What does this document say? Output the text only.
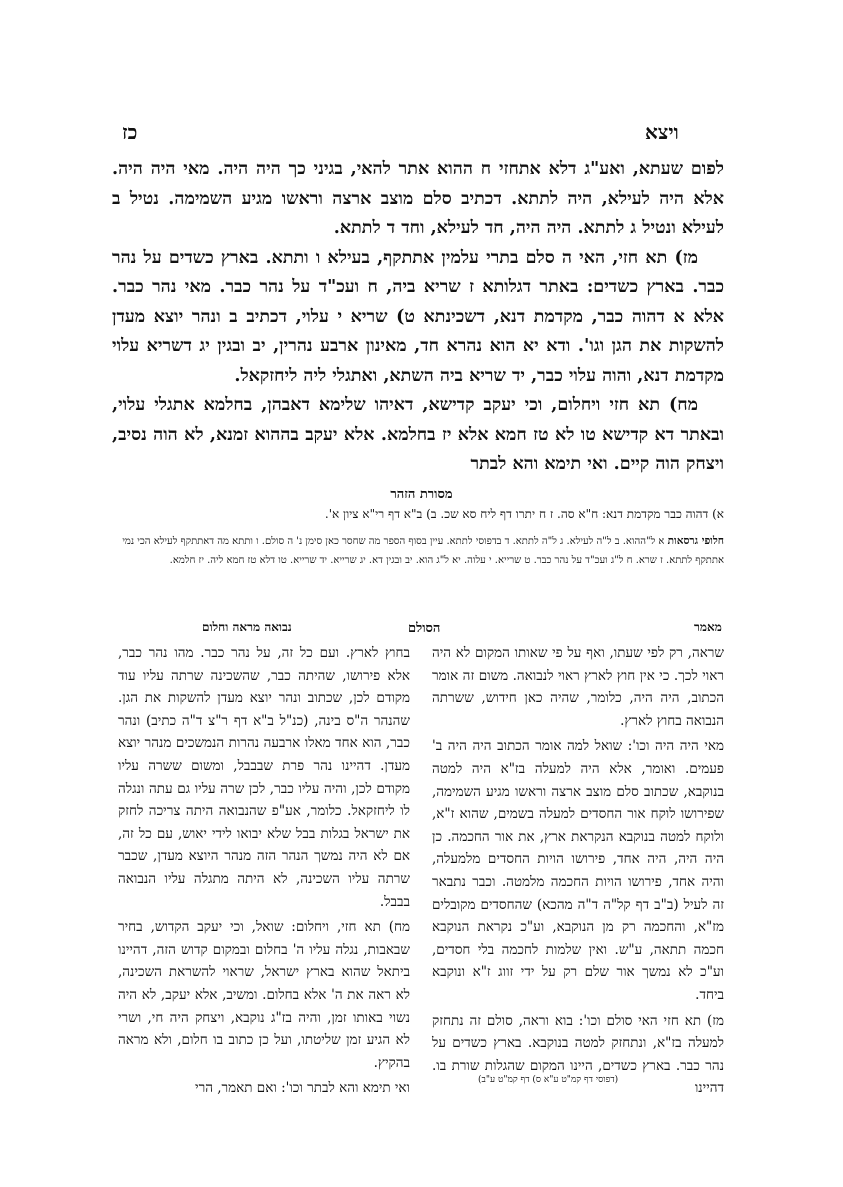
כז	ויצא

לפום שעתא, ואע"ג דלא אתחזי ח ההוא אתר להאי, בגיני כך היה היה. מאי היה היה. אלא היה לעילא, היה לתתא. דכתיב סלם מוצב ארצה וראשו מגיע השמימה. נטיל ב לעילא ונטיל ג לתתא. היה היה, חד לעילא, וחד ד לתתא.

מז) תא חזי, האי ה סלם בתרי עלמין אתתקף, בעילא ו ותתא. בארץ כשדים על נהר כבר. בארץ כשדים: באתר דגלותא ז שריא ביה, ח ועכ"ד על נהר כבר. מאי נהר כבר. אלא א דהוה כבר, מקדמת דנא, דשכינתא ט) שריא י עלוי, דכתיב ב ונהר יוצא מעדן להשקות את הגן וגו'. ודא יא הוא נהרא חד, מאינון ארבע נהרין, יב ובגין יג דשריא עלוי מקדמת דנא, והוה עלוי כבר, יד שריא ביה השתא, ואתגלי ליה ליחזקאל.

מח) תא חזי ויחלום, וכי יעקב קדישא, דאיהו שלימא דאבהן, בחלמא אתגלי עלוי, ובאתר דא קדישא טו לא טז חמא אלא יז בחלמא. אלא יעקב בההוא זמנא, לא הוה נסיב, ויצחק הוה קיים. ואי תימא והא לבתר

מסורת הזהר
א) דהוה כבר מקדמת דנא: ח"א סה. ז ח יתרו דף ליח סא שכ. ב) ב"א דף רי"א ציון א'.
חלופי גרסאות א ל"ההוא. ב ל"ה לעילא. ג ל"ה לתתא. ד בדפוסי לתתא. עיין בסוף הספר מה שחסר כאן סימן נ' ה סולם. ו ותתא מה דאתתקף לעילא הכי נמי אתתקף לתתא. ז שרא. ח ל"ג ועכ"ד על נהר כבר. ט שרייא. י עלוה. יא ל"ג הוא. יב ובגין דא. יג שרייא. יד שרייא. טו דלא טז חמא ליה. יז חלמא.
מאמר
הסולם
נבואה מראה וחלום

שראה, רק לפי שעתו, ואף על פי שאותו המקום לא היה ראוי לכך. כי אין חוץ לארץ ראוי לנבואה. משום זה אומר הכתוב, היה היה, כלומר, שהיה כאן חידוש, ששרתה הנבואה בחוץ לארץ.

מאי היה היה וכו': שואל למה אומר הכתוב היה היה ב' פעמים. ואומר, אלא היה למעלה בז"א היה למטה בנוקבא, שכתוב סלם מוצב ארצה וראשו מגיע השמימה, שפירושו לוקח אור החסדים למעלה בשמים, שהוא ז"א, ולוקח למטה בנוקבא הנקראת ארץ, את אור החכמה. כן היה היה, היה אחד, פירושו הויות החסדים מלמעלה, והיה אחד, פירושו הויות החכמה מלמטה. וכבר נתבאר זה לעיל (ב"ב דף קל"ה ד"ה מהכא) שהחסדים מקובלים מז"א, והחכמה רק מן הנוקבא, וע"כ נקראת הנוקבא חכמה תתאה, ע"ש. ואין שלמות לחכמה בלי חסדים, וע"כ לא נמשך אור שלם רק על ידי זווג ז"א ונוקבא ביחד.

מז) תא חזי האי סולם וכו': בוא וראה, סולם זה נתחזק למעלה בז"א, ונתחזק למטה בנוקבא. בארץ כשדים על נהר כבר. בארץ כשדים, היינו המקום שהגלות שורת בו. דהיינו

(דפוסי דף קמ"ט ע"א ס) דף קמ"ט ע"ב)

בחוץ לארץ. ועם כל זה, על נהר כבר. מהו נהר כבר, אלא פירושו, שהיתה כבר, שהשכינה שרתה עליו עוד מקודם לכן, שכתוב ונהר יוצא מעדן להשקות את הגן. שהנהר ה"ס בינה, (כנ"ל ב"א דף ר"צ ד"ה כתיב) ונהר כבר, הוא אחד מאלו ארבעה נהרות הנמשכים מנהר יוצא מעדן. דהיינו נהר פרת שבבבל, ומשום ששרה עליו מקודם לכן, והיה עליו כבר, לכן שרה עליו גם עתה ונגלה לו ליחזקאל. כלומר, אע"פ שהנבואה היתה צריכה לחזק את ישראל בגלות בבל שלא יבואו לידי יאוש, עם כל זה, אם לא היה נמשך הנהר הזה מנהר היוצא מעדן, שכבר שרתה עליו השכינה, לא היתה מתגלה עליו הנבואה בבבל.

מח) תא חזי, ויחלום: שואל, וכי יעקב הקדוש, בחיר שבאבות, נגלה עליו ה' בחלום ובמקום קדוש הזה, דהיינו ביתאל שהוא בארץ ישראל, שראוי להשראת השכינה, לא ראה את ה' אלא בחלום. ומשיב, אלא יעקב, לא היה נשוי באותו זמן, והיה בז"ג נוקבא, ויצחק היה חי, ושרי לא הגיע זמן שליטתו, ועל כן כתוב בו חלום, ולא מראה בהקיץ.

ואי תימא והא לבתר וכו': ואם תאמר, הרי
